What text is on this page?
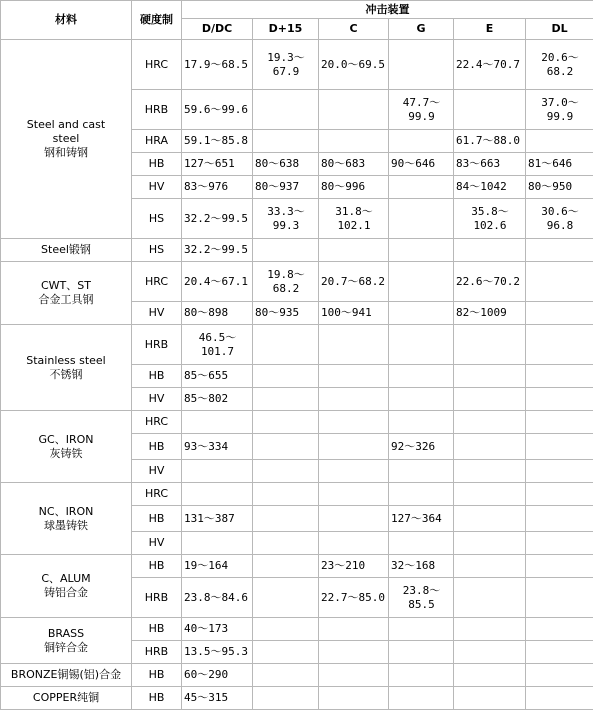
材料	硬度制	冲击装置					
		D/DC	D+15	C	G	E	DL
Steel and cast
steel
钢和铸钢	HRC	17.9～68.5	19.3～
67.9	20.0～69.5		22.4～70.7	20.6～
68.2
	HRB	59.6～99.6			47.7～
99.9		37.0～
99.9
	HRA	59.1～85.8				61.7～88.0	
	HB	127～651	80～638	80～683	90～646	83～663	81～646
	HV	83～976	80～937	80～996		84～1042	80～950
	HS	32.2～99.5	33.3～
99.3	31.8～
102.1		35.8～
102.6	30.6～
96.8
Steel锻钢	HS	32.2～99.5					
CWT、ST
合金工具钢	HRC	20.4～67.1	19.8～
68.2	20.7～68.2		22.6～70.2	
	HV	80～898	80～935	100～941		82～1009	
Stainless steel
不锈钢	HRB	46.5～
101.7					
	HB	85～655					
	HV	85～802					
GC、IRON
灰铸铁	HRC						
	HB	93～334			92～326		
	HV						
NC、IRON
球墨铸铁	HRC						
	HB	131～387			127～364		
	HV						
C、ALUM
铸铝合金	HB	19～164		23～210	32～168		
	HRB	23.8～84.6		22.7～85.0	23.8～
85.5		
BRASS
铜锌合金	HB	40～173					
	HRB	13.5～95.3					
BRONZE铜锡(铝)合金	HB	60～290					
COPPER纯铜	HB	45～315					
